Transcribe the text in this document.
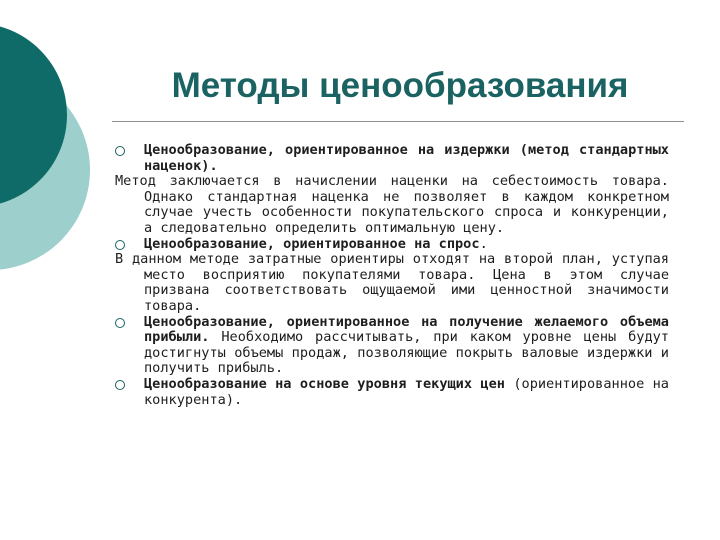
Методы ценообразования

Ценообразование, ориентированное на издержки (метод стандартных наценок).

Метод заключается в начислении наценки на себестоимость товара. Однако стандартная наценка не позволяет в каждом конкретном случае учесть особенности покупательского спроса и конкуренции, а следовательно определить оптимальную цену.

Ценообразование, ориентированное на спрос.

В данном методе затратные ориентиры отходят на второй план, уступая место восприятию покупателями товара. Цена в этом случае призвана соответствовать ощущаемой ими ценностной значимости товара.

Ценообразование, ориентированное на получение желаемого объема прибыли. Необходимо рассчитывать, при каком уровне цены будут достигнуты объемы продаж, позволяющие покрыть валовые издержки и получить прибыль.

Ценообразование на основе уровня текущих цен (ориентированное на конкурента).
